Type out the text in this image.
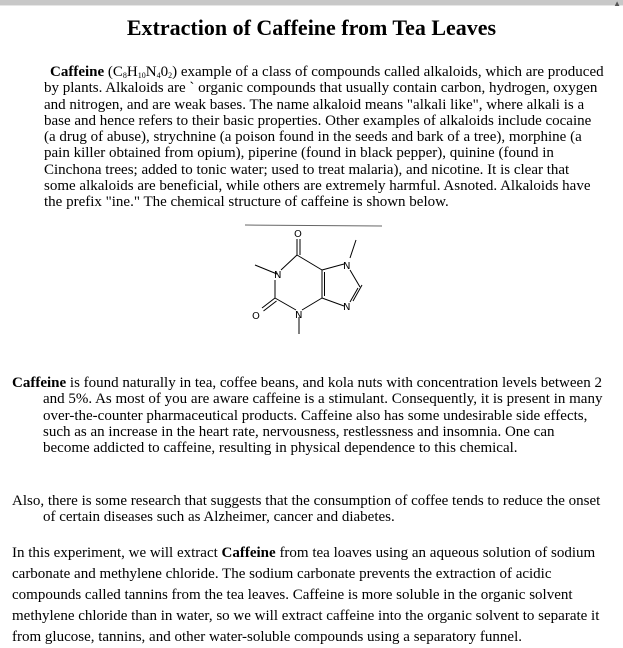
▲
Extraction of Caffeine from Tea Leaves

Caffeine $(C_8H_{10}N_40_2)$ example of a class of compounds called alkaloids, which are produced by plants. Alkaloids are ` organic compounds that usually contain carbon, hydrogen, oxygen and nitrogen, and are weak bases. The name alkaloid means "alkali like", where alkali is a base and hence refers to their basic properties. Other examples of alkaloids include cocaine (a drug of abuse), strychnine (a poison found in the seeds and bark of a tree), morphine (a pain killer obtained from opium), piperine (found in black pepper), quinine (found in Cinchona trees; added to tonic water; used to treat malaria), and nicotine. It is clear that some alkaloids are beneficial, while others are extremely harmful. Asnoted. Alkaloids have the prefix "ine." The chemical structure of caffeine is shown below.

O
O
N
N
N
N

Caffeine is found naturally in tea, coffee beans, and kola nuts with concentration levels between 2 and 5%. As most of you are aware caffeine is a stimulant. Consequently, it is present in many over-the-counter pharmaceutical products. Caffeine also has some undesirable side effects, such as an increase in the heart rate, nervousness, restlessness and insomnia. One can become addicted to caffeine, resulting in physical dependence to this chemical.

Also, there is some research that suggests that the consumption of coffee tends to reduce the onset of certain diseases such as Alzheimer, cancer and diabetes.

In this experiment, we will extract Caffeine from tea loaves using an aqueous solution of sodium carbonate and methylene chloride. The sodium carbonate prevents the extraction of acidic compounds called tannins from the tea leaves. Caffeine is more soluble in the organic solvent methylene chloride than in water, so we will extract caffeine into the organic solvent to separate it from glucose, tannins, and other water-soluble compounds using a separatory funnel.
